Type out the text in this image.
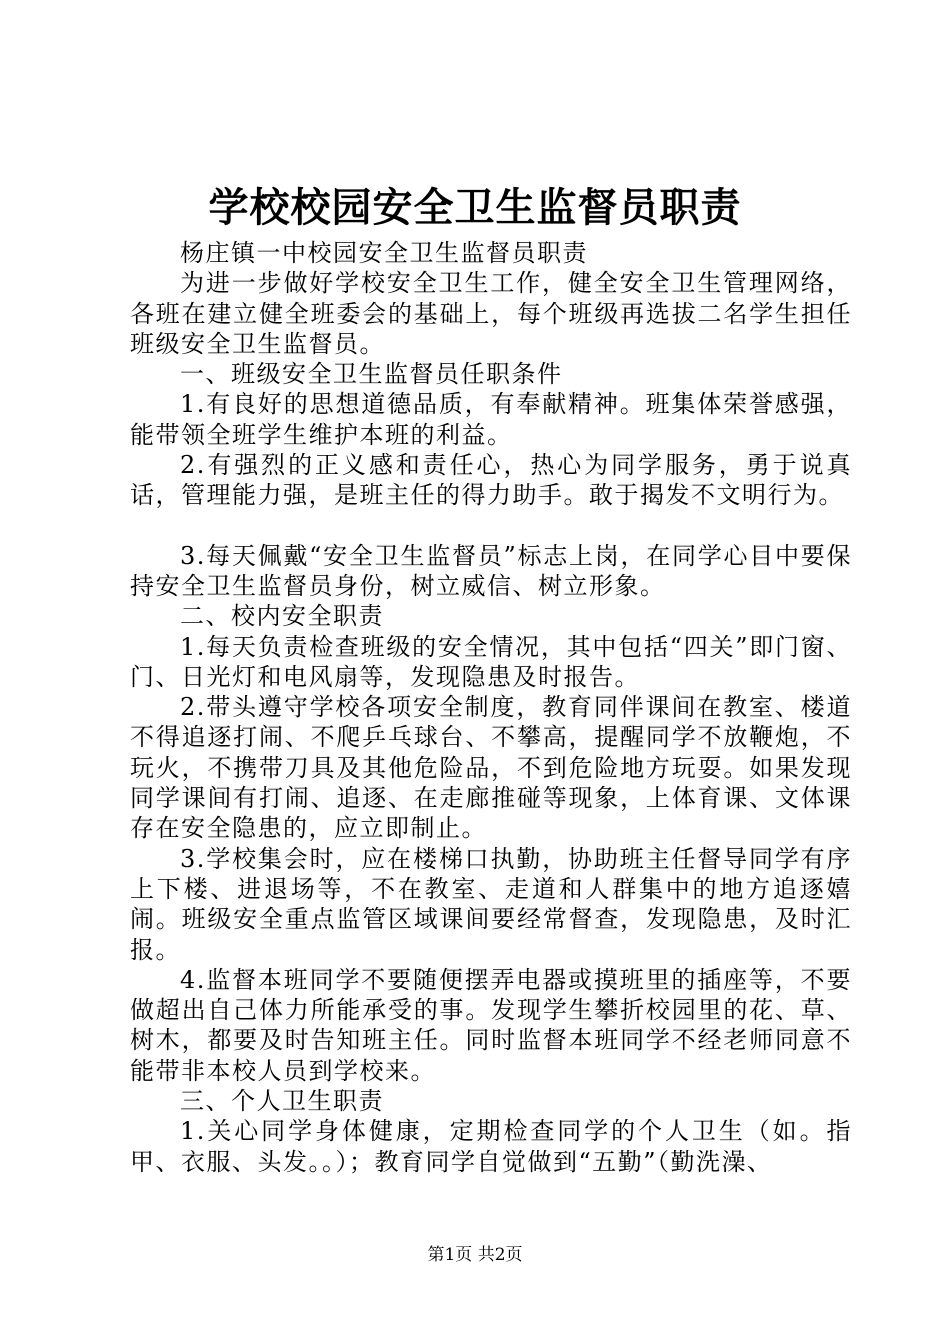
学校校园安全卫生监督员职责

杨庄镇一中校园安全卫生监督员职责

为进一步做好学校安全卫生工作，健全安全卫生管理网络，各班在建立健全班委会的基础上，每个班级再选拔二名学生担任班级安全卫生监督员。

一、班级安全卫生监督员任职条件

1.有良好的思想道德品质，有奉献精神。班集体荣誉感强，能带领全班学生维护本班的利益。

2.有强烈的正义感和责任心，热心为同学服务，勇于说真话，管理能力强，是班主任的得力助手。敢于揭发不文明行为。

3.每天佩戴“安全卫生监督员”标志上岗，在同学心目中要保持安全卫生监督员身份，树立威信、树立形象。

二、校内安全职责

1.每天负责检查班级的安全情况，其中包括“四关”即门窗、门、日光灯和电风扇等，发现隐患及时报告。

2.带头遵守学校各项安全制度，教育同伴课间在教室、楼道不得追逐打闹、不爬乒乓球台、不攀高，提醒同学不放鞭炮，不玩火，不携带刀具及其他危险品，不到危险地方玩耍。如果发现同学课间有打闹、追逐、在走廊推碰等现象，上体育课、文体课存在安全隐患的，应立即制止。

3.学校集会时，应在楼梯口执勤，协助班主任督导同学有序上下楼、进退场等，不在教室、走道和人群集中的地方追逐嬉闹。班级安全重点监管区域课间要经常督查，发现隐患，及时汇报。

4.监督本班同学不要随便摆弄电器或摸班里的插座等，不要做超出自己体力所能承受的事。发现学生攀折校园里的花、草、树木，都要及时告知班主任。同时监督本班同学不经老师同意不能带非本校人员到学校来。

三、个人卫生职责

1.关心同学身体健康，定期检查同学的个人卫生（如。指甲、衣服、头发。。）；教育同学自觉做到“五勤”（勤洗澡、

第1页 共2页
